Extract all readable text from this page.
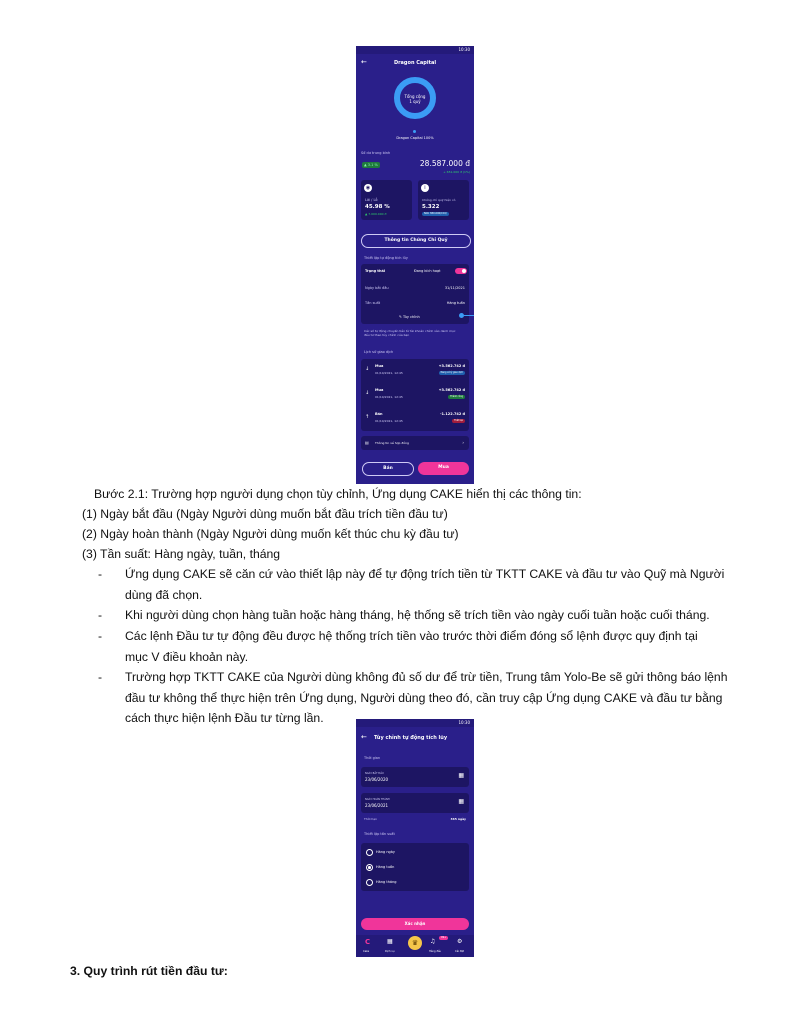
10:30
←	Dragon Capital
Tổng cộng
1 quỹ
Dragon Capital 100%
Số dư trung bình
▲ 3.1 %	28.587.000 đ
+ 651.000 đ (1%)
◉
Lãi / Lỗ
45.98 %
▲ 7.000.000 đ
i
Chứng chỉ quỹ hiện có
5.322
NAV 380.000/CCQ
Thông tin Chứng Chỉ Quỹ
Thiết lập tự động tích lũy
Trạng thái	Đang kích hoạt
Ngày bắt đầu	31/11/2021
Tần suất	Hàng tuần
✎ Tùy chỉnh
Các số tự động chuyển tiền từ tài khoản chính vào danh mục đầu tư theo tùy chỉnh của bạn
Lịch sử giao dịch
↓ Mua
01/10/2021, 12:45
+3.562.742 đ
Đang xử lý giao dịch
↓ Mua
01/10/2021, 12:45
+3.562.742 đ
Thành công
↑ Bán
01/10/2021, 12:45
-1.122.742 đ
Thất bại
▤ Thông tin về hợp đồng	›
Bán	Mua
Bước 2.1: Trường hợp người dụng chọn tùy chỉnh, Ứng dụng CAKE hiển thị các thông tin:
(1) Ngày bắt đầu (Ngày Người dùng muốn bắt đầu trích tiền đầu tư)
(2) Ngày hoàn thành (Ngày Người dùng muốn kết thúc chu kỳ đầu tư)
(3) Tần suất: Hàng ngày, tuần, tháng
- Ứng dụng CAKE sẽ căn cứ vào thiết lập này để tự động trích tiền từ TKTT CAKE và đầu tư vào Quỹ mà Người
dùng đã chọn.
- Khi người dùng chọn hàng tuần hoặc hàng tháng, hệ thống sẽ trích tiền vào ngày cuối tuần hoặc cuối tháng.
- Các lệnh Đầu tư tự động đều được hệ thống trích tiền vào trước thời điểm đóng sổ lệnh được quy định tại
mục V điều khoản này.
- Trường hợp TKTT CAKE của Người dùng không đủ số dư để trừ tiền, Trung tâm Yolo-Be sẽ gửi thông báo lệnh
đầu tư không thể thực hiện trên Ứng dụng, Người dùng theo đó, cần truy cập Ứng dụng CAKE và đầu tư bằng
cách thực hiện lệnh Đầu tư từng lần.	10:30
← Tùy chỉnh tự động tích lũy
Thời gian
NGÀY BẮT ĐẦU
23/06/2020
▦
NGÀY HOÀN THÀNH
23/06/2021
▦
Thời hạn	365 ngày
Thiết lập tần suất
Hàng ngày
Hàng tuần
Hàng tháng
Xác nhận
C
Cake
▦
Dịch vụ
♛	♫
99+
Hàng đầu
⚙
Cài đặt
3. Quy trình rút tiền đầu tư:
